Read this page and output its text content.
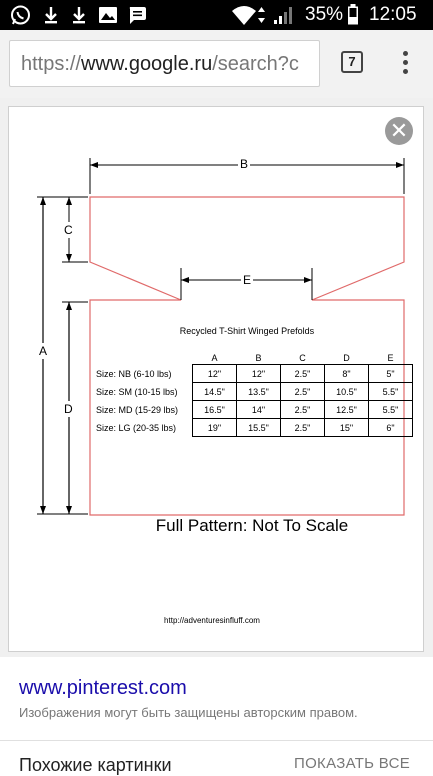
35% 12:05
https://www.google.ru/search?c	7
B
E
A
C
D
Recycled T-Shirt Winged Prefolds
	A	B	C	D	E
Size: NB (6-10 lbs)	12"	12"	2.5"	8"	5"
Size: SM (10-15 lbs)	14.5"	13.5"	2.5"	10.5"	5.5"
Size: MD (15-29 lbs)	16.5"	14"	2.5"	12.5"	5.5"
Size: LG (20-35 lbs)	19"	15.5"	2.5"	15"	6"
Full Pattern: Not To Scale
http://adventuresinfluff.com
✕
www.pinterest.com
Изображения могут быть защищены авторским правом.
Похожие картинки	ПОКАЗАТЬ ВСЕ
